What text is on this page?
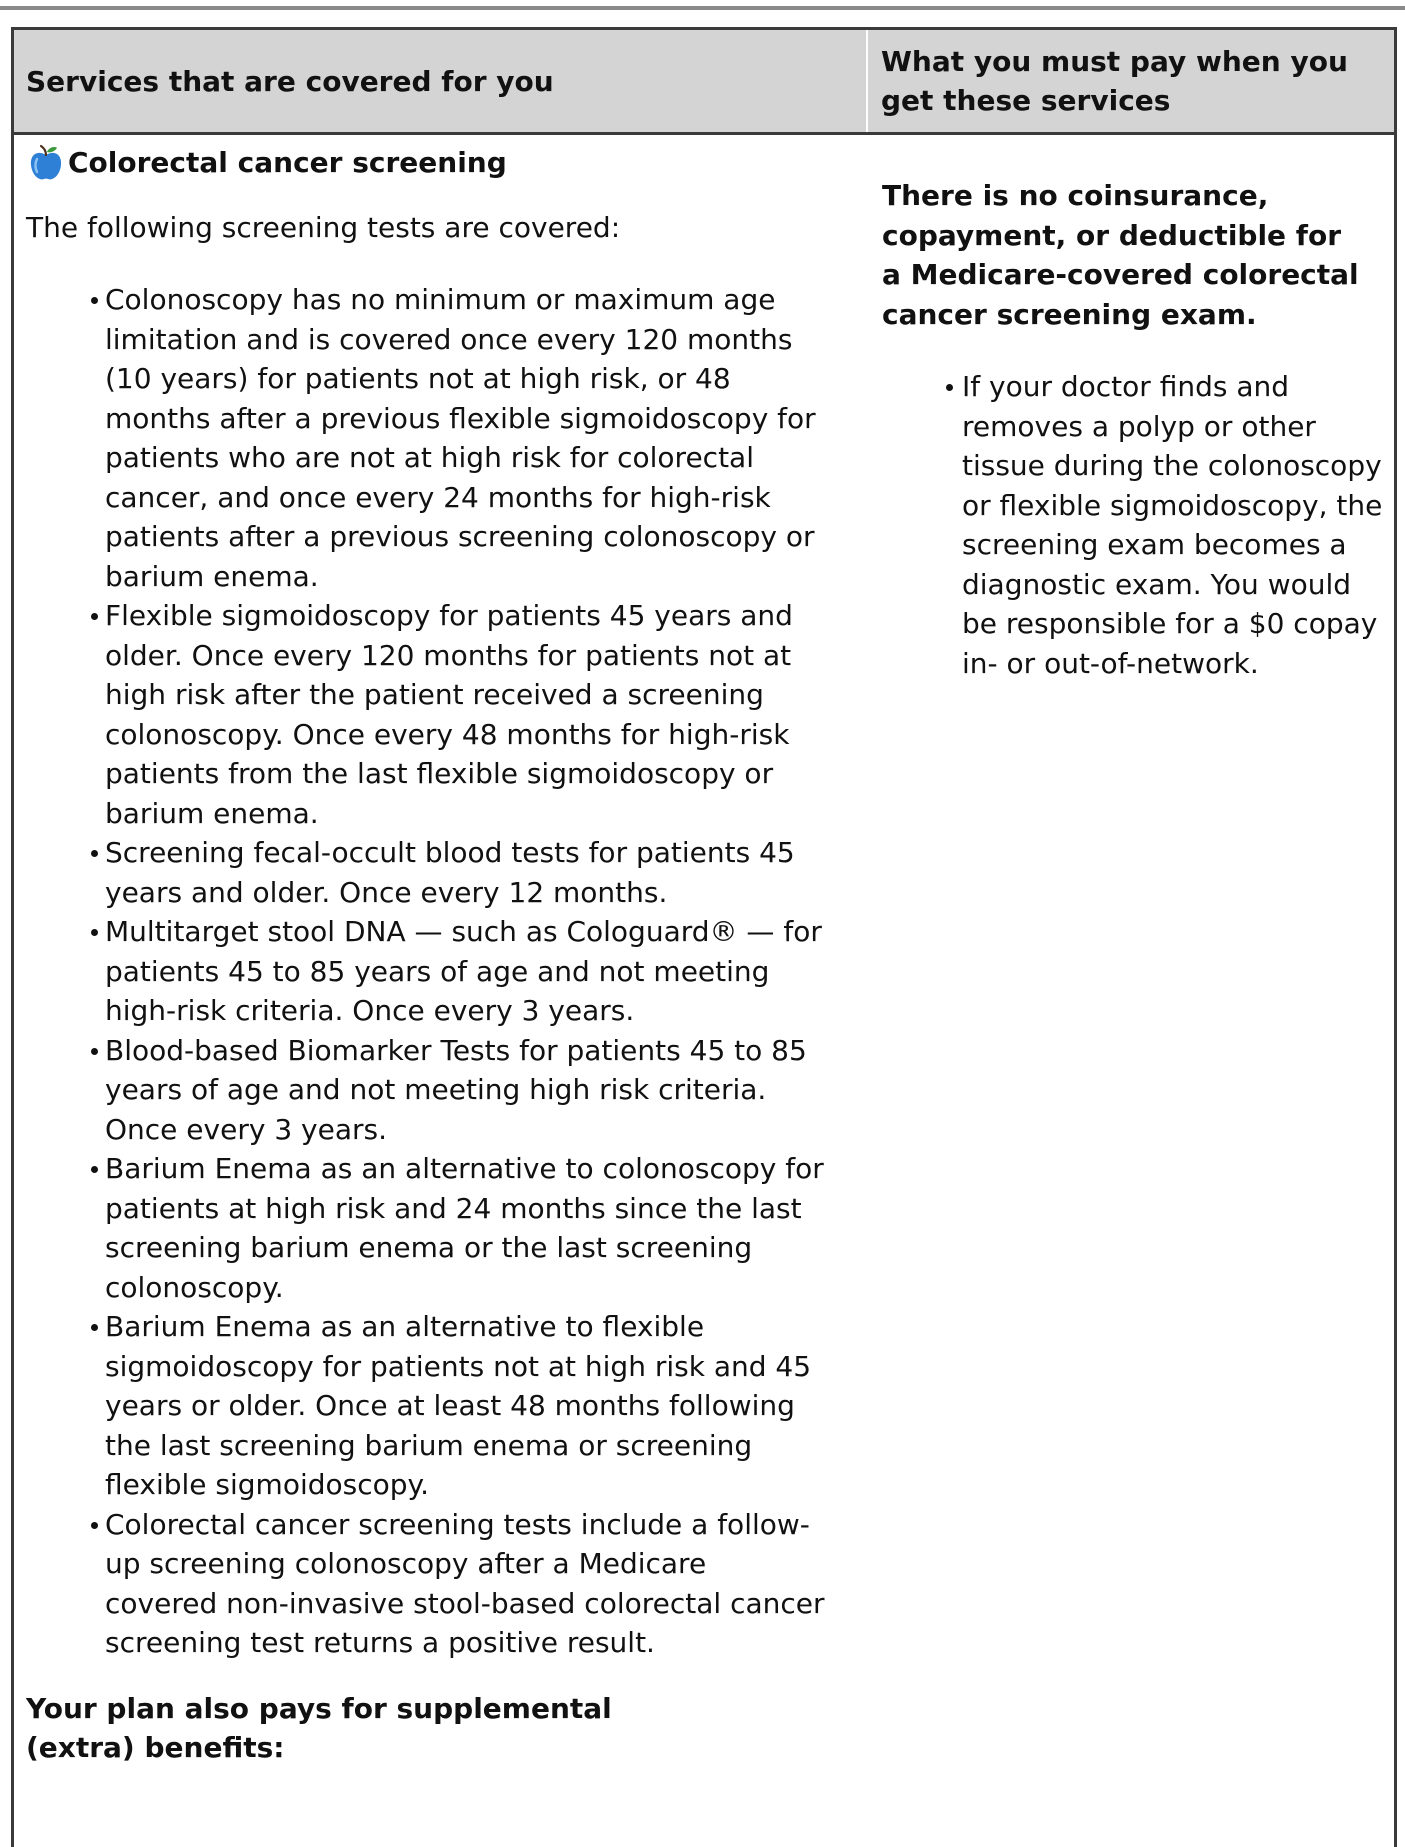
Services that are covered for you
What you must pay when you get these services
Colorectal cancer screening
The following screening tests are covered:
Colonoscopy has no minimum or maximum age limitation and is covered once every 120 months (10 years) for patients not at high risk, or 48 months after a previous flexible sigmoidoscopy for patients who are not at high risk for colorectal cancer, and once every 24 months for high-risk patients after a previous screening colonoscopy or barium enema.
Flexible sigmoidoscopy for patients 45 years and older. Once every 120 months for patients not at high risk after the patient received a screening colonoscopy. Once every 48 months for high-risk patients from the last flexible sigmoidoscopy or barium enema.
Screening fecal-occult blood tests for patients 45 years and older. Once every 12 months.
Multitarget stool DNA — such as Cologuard® — for patients 45 to 85 years of age and not meeting high-risk criteria. Once every 3 years.
Blood-based Biomarker Tests for patients 45 to 85 years of age and not meeting high risk criteria. Once every 3 years.
Barium Enema as an alternative to colonoscopy for patients at high risk and 24 months since the last screening barium enema or the last screening colonoscopy.
Barium Enema as an alternative to flexible sigmoidoscopy for patients not at high risk and 45 years or older. Once at least 48 months following the last screening barium enema or screening flexible sigmoidoscopy.
Colorectal cancer screening tests include a follow-up screening colonoscopy after a Medicare covered non-invasive stool-based colorectal cancer screening test returns a positive result.
Your plan also pays for supplemental (extra) benefits:
There is no coinsurance, copayment, or deductible for a Medicare-covered colorectal cancer screening exam.
If your doctor finds and removes a polyp or other tissue during the colonoscopy or flexible sigmoidoscopy, the screening exam becomes a diagnostic exam. You would be responsible for a $0 copay in- or out-of-network.
